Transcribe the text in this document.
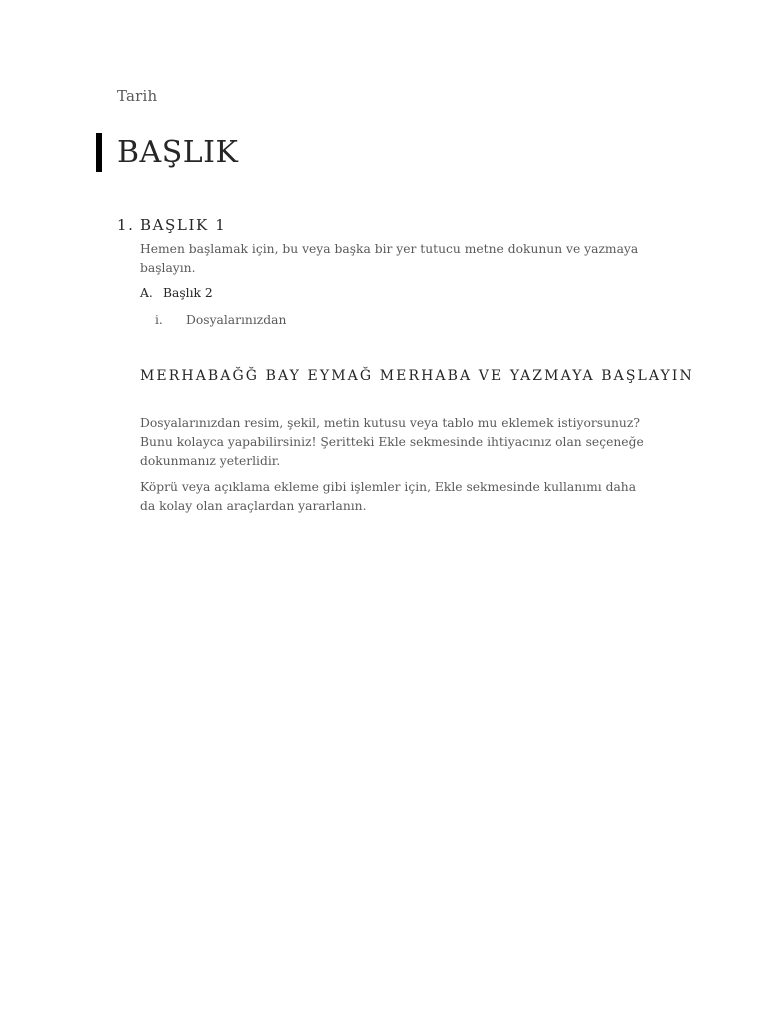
Tarih
BAŞLIK
1. BAŞLIK 1
Hemen başlamak için, bu veya başka bir yer tutucu metne dokunun ve yazmaya başlayın.
A. Başlık 2
i. Dosyalarınızdan
MERHABAĞĞ BAY EYMAĞ MERHABA VE YAZMAYA BAŞLAYIN
Dosyalarınızdan resim, şekil, metin kutusu veya tablo mu eklemek istiyorsunuz? Bunu kolayca yapabilirsiniz! Şeritteki Ekle sekmesinde ihtiyacınız olan seçeneğe dokunmanız yeterlidir.
Köprü veya açıklama ekleme gibi işlemler için, Ekle sekmesinde kullanımı daha da kolay olan araçlardan yararlanın.
